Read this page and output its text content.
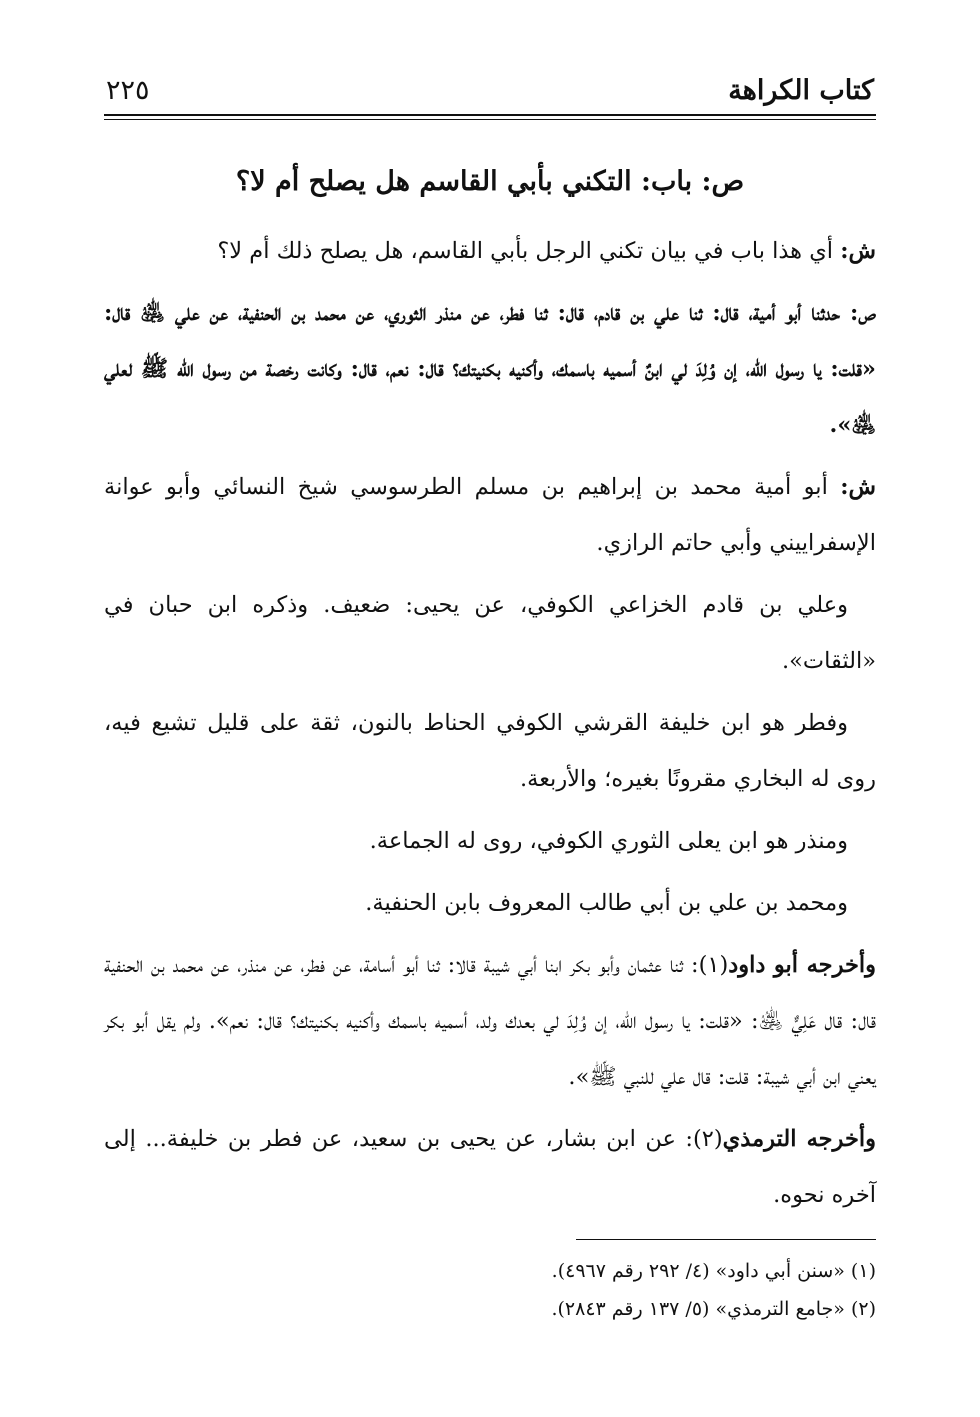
كتاب الكراهة
٢٢٥
ص: باب: التكني بأبي القاسم هل يصلح أم لا؟

ش: أي هذا باب في بيان تكني الرجل بأبي القاسم، هل يصلح ذلك أم لا؟

ص: حدثنا أبو أمية، قال: ثنا علي بن قادم، قال: ثنا فطر، عن منذر الثوري، عن محمد بن الحنفية، عن علي ﵁ قال: «قلت: يا رسول الله، إن وُلِدَ لي ابنٌ أسميه باسمك، وأكنيه بكنيتك؟ قال: نعم، قال: وكانت رخصة من رسول الله ﷺ لعلي ﵁».

ش: أبو أمية محمد بن إبراهيم بن مسلم الطرسوسي شيخ النسائي وأبو عوانة الإسفراييني وأبي حاتم الرازي.

وعلي بن قادم الخزاعي الكوفي، عن يحيى: ضعيف. وذكره ابن حبان في «الثقات».

وفطر هو ابن خليفة القرشي الكوفي الحناط بالنون، ثقة على قليل تشيع فيه، روى له البخاري مقرونًا بغيره؛ والأربعة.

ومنذر هو ابن يعلى الثوري الكوفي، روى له الجماعة.

ومحمد بن علي بن أبي طالب المعروف بابن الحنفية.

وأخرجه أبو داود(١): ثنا عثمان وأبو بكر ابنا أبي شيبة قالا: ثنا أبو أسامة، عن فطر، عن منذر، عن محمد بن الحنفية قال: قال عَلِيٌّ ﵁: «قلت: يا رسول الله، إن وُلِدَ لي بعدك ولد، أسميه باسمك وأكنيه بكنيتك؟ قال: نعم». ولم يقل أبو بكر يعني ابن أبي شيبة: قلت: قال علي للنبي ﷺ».

وأخرجه الترمذي(٢): عن ابن بشار، عن يحيى بن سعيد، عن فطر بن خليفة... إلى آخره نحوه.

(١) «سنن أبي داود» (٤/ ٢٩٢ رقم ٤٩٦٧).

(٢) «جامع الترمذي» (٥/ ١٣٧ رقم ٢٨٤٣).
